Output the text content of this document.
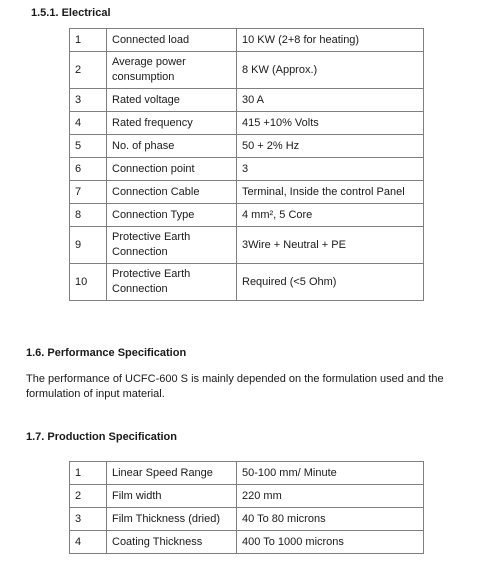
1.5.1. Electrical
1	Connected load	10 KW (2+8 for heating)
2	Average power consumption	8 KW (Approx.)
3	Rated voltage	30 A
4	Rated frequency	415 +10% Volts
5	No. of phase	50 + 2% Hz
6	Connection point	3
7	Connection Cable	Terminal, Inside the control Panel
8	Connection Type	4 mm², 5 Core
9	Protective Earth Connection	3Wire + Neutral + PE
10	Protective Earth Connection	Required (<5 Ohm)
1.6. Performance Specification
The performance of UCFC-600 S is mainly depended on the formulation used and the formulation of input material.
1.7. Production Specification
1	Linear Speed Range	50-100 mm/ Minute
2	Film width	220 mm
3	Film Thickness (dried)	40 To 80 microns
4	Coating Thickness	400 To 1000 microns
